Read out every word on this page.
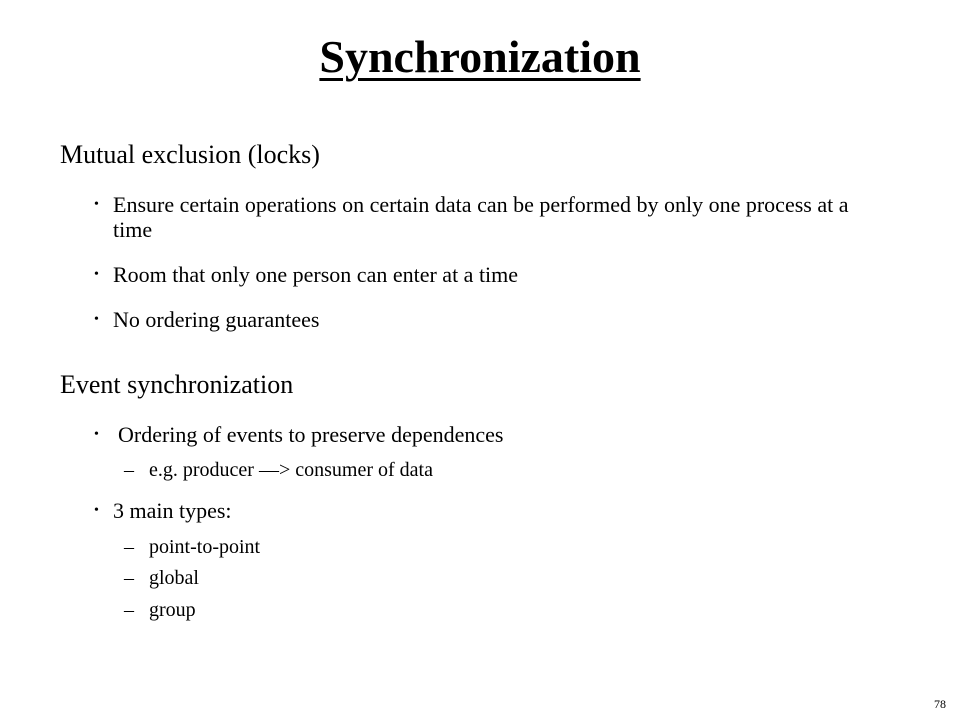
Synchronization
Mutual exclusion (locks)
• Ensure certain operations on certain data can be performed by only one process at a time
• Room that only one person can enter at a time
• No ordering guarantees
Event synchronization
• Ordering of events to preserve dependences
– e.g. producer —> consumer of data
• 3 main types:
– point-to-point
– global
– group
78
